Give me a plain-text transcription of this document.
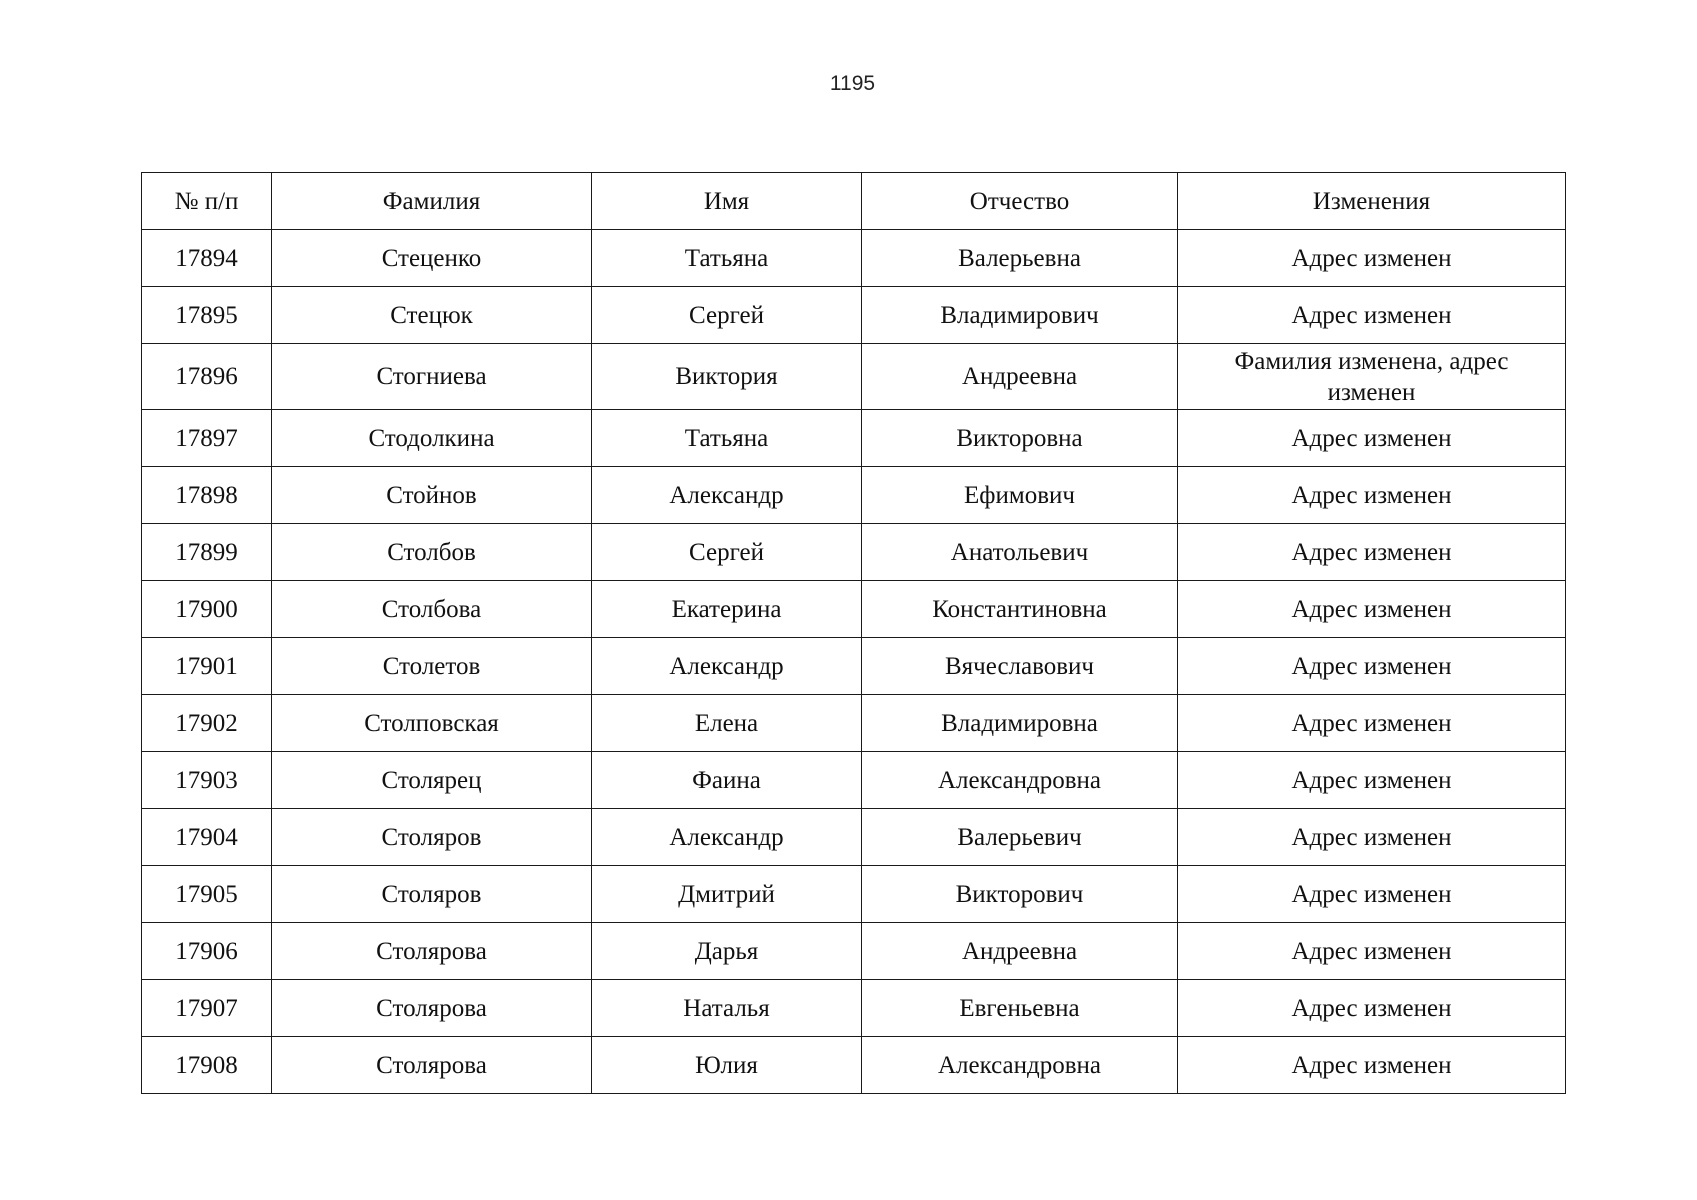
1195
№ п/п	Фамилия	Имя	Отчество	Изменения
17894	Стеценко	Татьяна	Валерьевна	Адрес изменен
17895	Стецюк	Сергей	Владимирович	Адрес изменен
17896	Стогниева	Виктория	Андреевна	Фамилия изменена, адрес изменен
17897	Стодолкина	Татьяна	Викторовна	Адрес изменен
17898	Стойнов	Александр	Ефимович	Адрес изменен
17899	Столбов	Сергей	Анатольевич	Адрес изменен
17900	Столбова	Екатерина	Константиновна	Адрес изменен
17901	Столетов	Александр	Вячеславович	Адрес изменен
17902	Столповская	Елена	Владимировна	Адрес изменен
17903	Столярец	Фаина	Александровна	Адрес изменен
17904	Столяров	Александр	Валерьевич	Адрес изменен
17905	Столяров	Дмитрий	Викторович	Адрес изменен
17906	Столярова	Дарья	Андреевна	Адрес изменен
17907	Столярова	Наталья	Евгеньевна	Адрес изменен
17908	Столярова	Юлия	Александровна	Адрес изменен
